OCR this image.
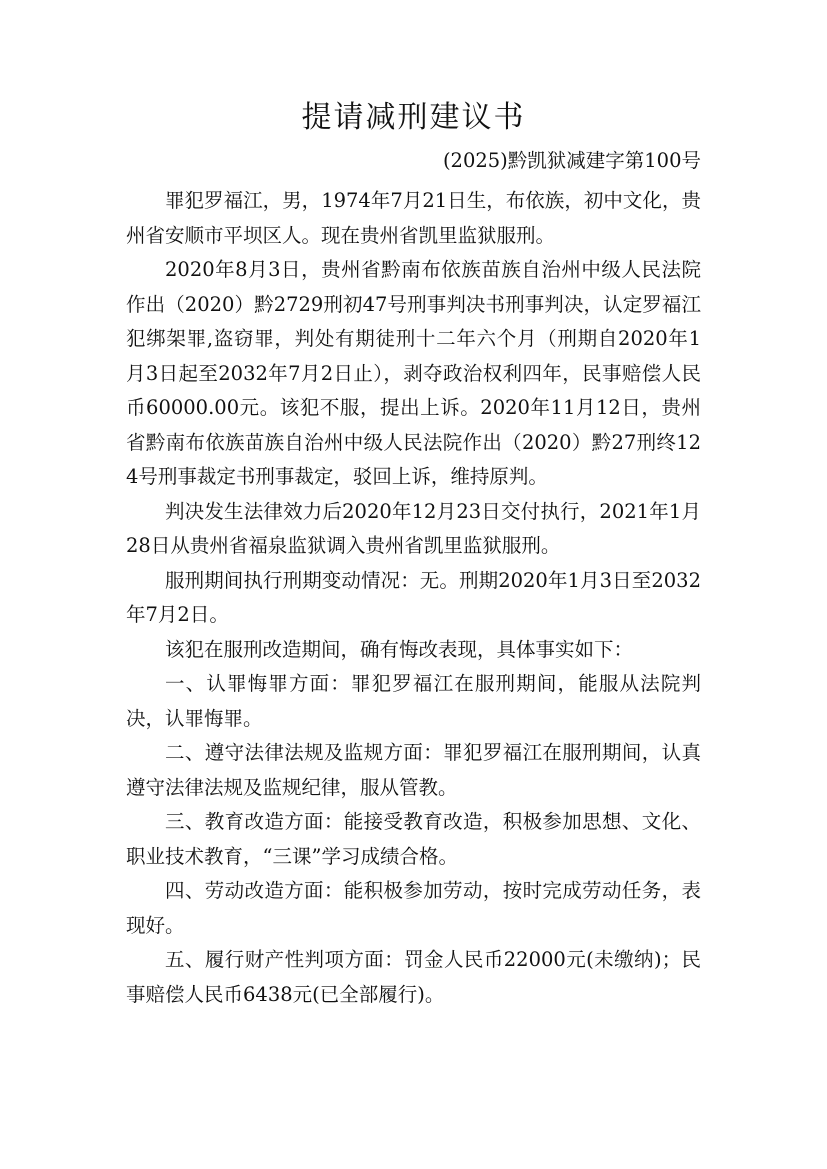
提请减刑建议书
(2025)黔凯狱减建字第100号

罪犯罗福江，男，1974年7月21日生，布依族，初中文化，贵州省安顺市平坝区人。现在贵州省凯里监狱服刑。

2020年8月3日，贵州省黔南布依族苗族自治州中级人民法院作出（2020）黔2729刑初47号刑事判决书刑事判决，认定罗福江犯绑架罪,盗窃罪，判处有期徒刑十二年六个月（刑期自2020年1月3日起至2032年7月2日止），剥夺政治权利四年，民事赔偿人民币60000.00元。该犯不服，提出上诉。2020年11月12日，贵州省黔南布依族苗族自治州中级人民法院作出（2020）黔27刑终124号刑事裁定书刑事裁定，驳回上诉，维持原判。

判决发生法律效力后2020年12月23日交付执行，2021年1月28日从贵州省福泉监狱调入贵州省凯里监狱服刑。

服刑期间执行刑期变动情况：无。刑期2020年1月3日至2032年7月2日。

该犯在服刑改造期间，确有悔改表现，具体事实如下：

一、认罪悔罪方面：罪犯罗福江在服刑期间，能服从法院判决，认罪悔罪。

二、遵守法律法规及监规方面：罪犯罗福江在服刑期间，认真遵守法律法规及监规纪律，服从管教。

三、教育改造方面：能接受教育改造，积极参加思想、文化、职业技术教育，“三课”学习成绩合格。

四、劳动改造方面：能积极参加劳动，按时完成劳动任务，表现好。

五、履行财产性判项方面：罚金人民币22000元(未缴纳)；民事赔偿人民币6438元(已全部履行)。
